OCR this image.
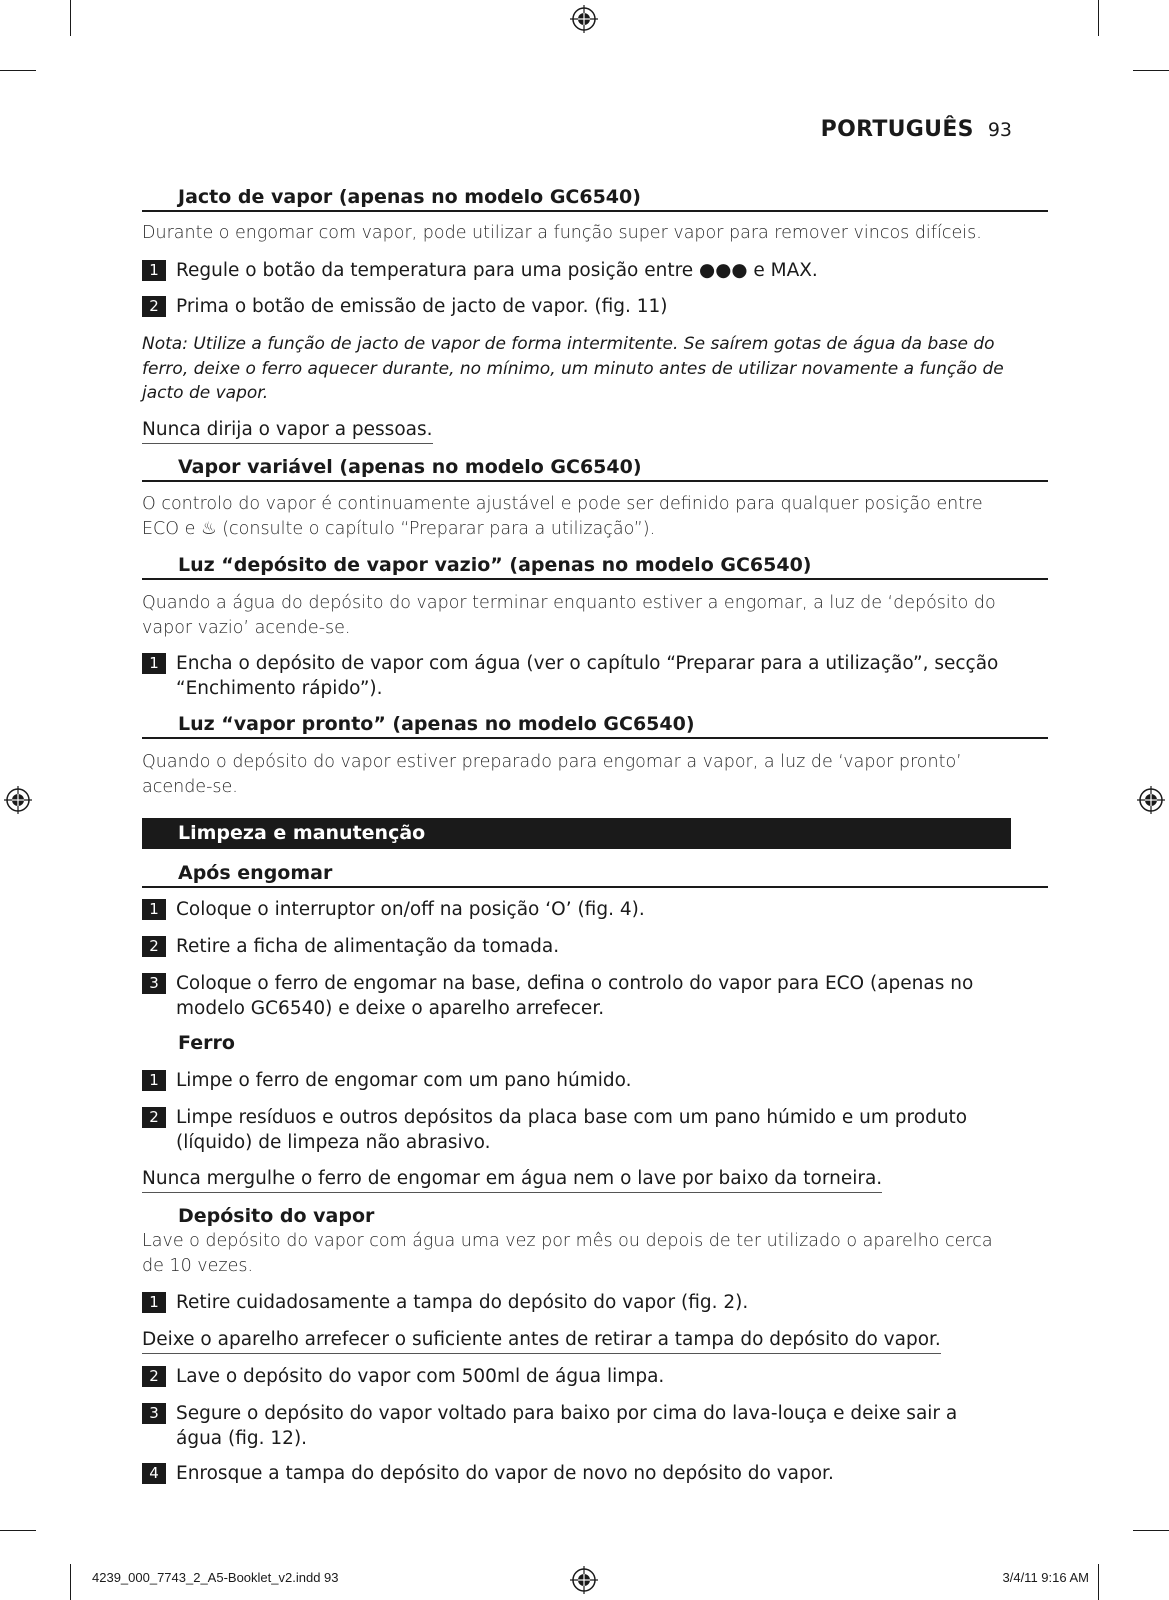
PORTUGUÊS 93
Jacto de vapor (apenas no modelo GC6540)
Durante o engomar com vapor, pode utilizar a função super vapor para remover vincos difíceis.
1 Regule o botão da temperatura para uma posição entre ●●● e MAX.
2 Prima o botão de emissão de jacto de vapor. (fig. 11)
Nota: Utilize a função de jacto de vapor de forma intermitente. Se saírem gotas de água da base do
ferro, deixe o ferro aquecer durante, no mínimo, um minuto antes de utilizar novamente a função de
jacto de vapor.
Nunca dirija o vapor a pessoas.
Vapor variável (apenas no modelo GC6540)
O controlo do vapor é continuamente ajustável e pode ser definido para qualquer posição entre
ECO e ♨ (consulte o capítulo “Preparar para a utilização”).
Luz “depósito de vapor vazio” (apenas no modelo GC6540)
Quando a água do depósito do vapor terminar enquanto estiver a engomar, a luz de ‘depósito do
vapor vazio’ acende-se.
1 Encha o depósito de vapor com água (ver o capítulo “Preparar para a utilização”, secção
“Enchimento rápido”).
Luz “vapor pronto” (apenas no modelo GC6540)
Quando o depósito do vapor estiver preparado para engomar a vapor, a luz de ‘vapor pronto’
acende-se.
Limpeza e manutenção
Após engomar
1 Coloque o interruptor on/off na posição ‘O’ (fig. 4).
2 Retire a ficha de alimentação da tomada.
3 Coloque o ferro de engomar na base, defina o controlo do vapor para ECO (apenas no
modelo GC6540) e deixe o aparelho arrefecer.
Ferro
1 Limpe o ferro de engomar com um pano húmido.
2 Limpe resíduos e outros depósitos da placa base com um pano húmido e um produto
(líquido) de limpeza não abrasivo.
Nunca mergulhe o ferro de engomar em água nem o lave por baixo da torneira.
Depósito do vapor
Lave o depósito do vapor com água uma vez por mês ou depois de ter utilizado o aparelho cerca
de 10 vezes.
1 Retire cuidadosamente a tampa do depósito do vapor (fig. 2).
Deixe o aparelho arrefecer o suficiente antes de retirar a tampa do depósito do vapor.
2 Lave o depósito do vapor com 500ml de água limpa.
3 Segure o depósito do vapor voltado para baixo por cima do lava-louça e deixe sair a
água (fig. 12).
4 Enrosque a tampa do depósito do vapor de novo no depósito do vapor.
4239_000_7743_2_A5-Booklet_v2.indd 93	3/4/11 9:16 AM
